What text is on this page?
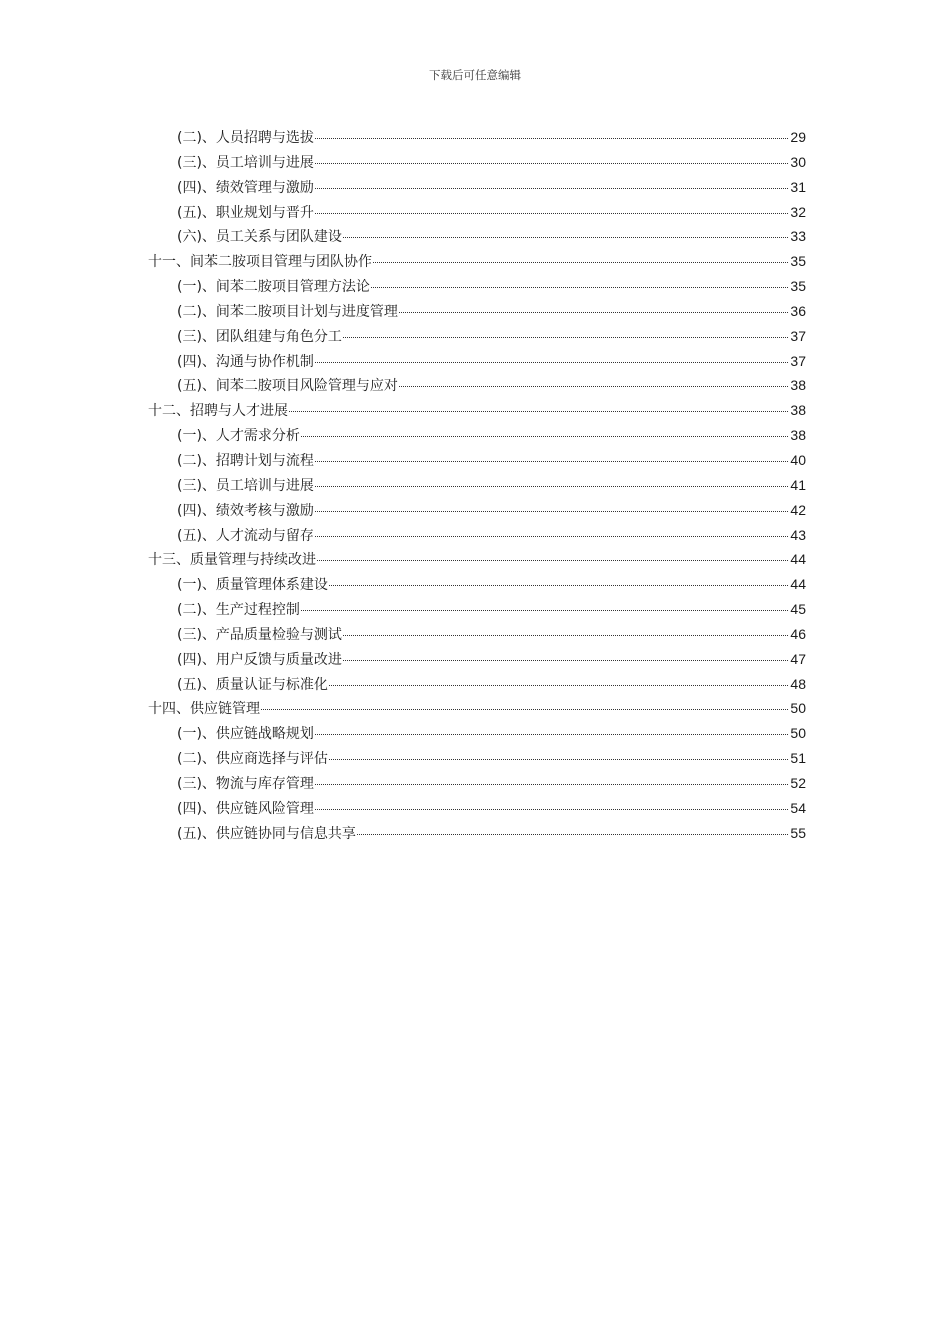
下载后可任意编辑
(二)、人员招聘与选拔	29
(三)、员工培训与进展	30
(四)、绩效管理与激励	31
(五)、职业规划与晋升	32
(六)、员工关系与团队建设	33
十一、间苯二胺项目管理与团队协作	35
(一)、间苯二胺项目管理方法论	35
(二)、间苯二胺项目计划与进度管理	36
(三)、团队组建与角色分工	37
(四)、沟通与协作机制	37
(五)、间苯二胺项目风险管理与应对	38
十二、招聘与人才进展	38
(一)、人才需求分析	38
(二)、招聘计划与流程	40
(三)、员工培训与进展	41
(四)、绩效考核与激励	42
(五)、人才流动与留存	43
十三、质量管理与持续改进	44
(一)、质量管理体系建设	44
(二)、生产过程控制	45
(三)、产品质量检验与测试	46
(四)、用户反馈与质量改进	47
(五)、质量认证与标准化	48
十四、供应链管理	50
(一)、供应链战略规划	50
(二)、供应商选择与评估	51
(三)、物流与库存管理	52
(四)、供应链风险管理	54
(五)、供应链协同与信息共享	55
